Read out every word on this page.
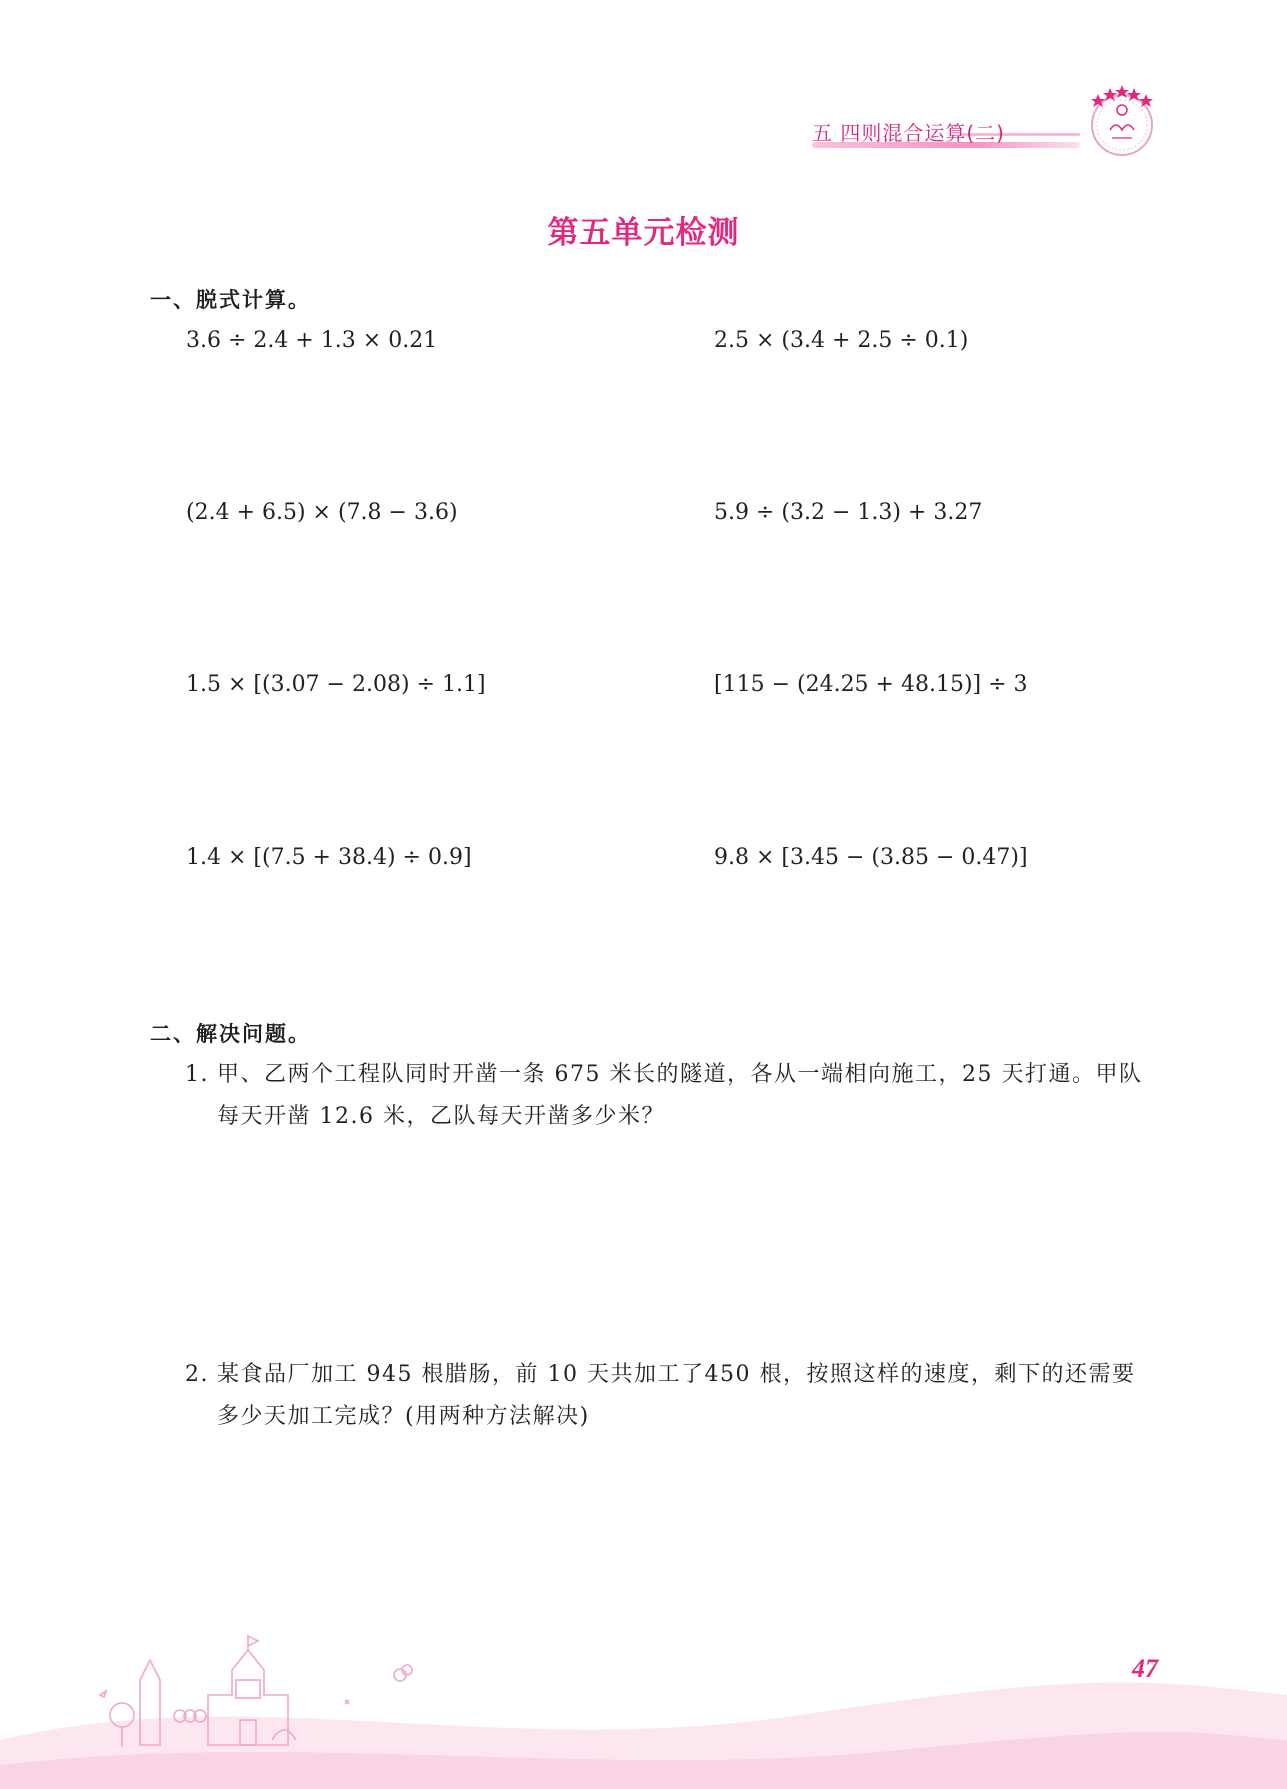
五 四则混合运算(二)
第五单元检测
一、脱式计算。
3.6 ÷ 2.4 + 1.3 × 0.21	2.5 × (3.4 + 2.5 ÷ 0.1)
(2.4 + 6.5) × (7.8 − 3.6)	5.9 ÷ (3.2 − 1.3) + 3.27
1.5 × [(3.07 − 2.08) ÷ 1.1]	[115 − (24.25 + 48.15)] ÷ 3
1.4 × [(7.5 + 38.4) ÷ 0.9]	9.8 × [3.45 − (3.85 − 0.47)]
二、解决问题。
1. 甲、乙两个工程队同时开凿一条 675 米长的隧道，各从一端相向施工，25 天打通。甲队
每天开凿 12.6 米，乙队每天开凿多少米？
2. 某食品厂加工 945 根腊肠，前 10 天共加工了450 根，按照这样的速度，剩下的还需要
多少天加工完成？(用两种方法解决)
47
